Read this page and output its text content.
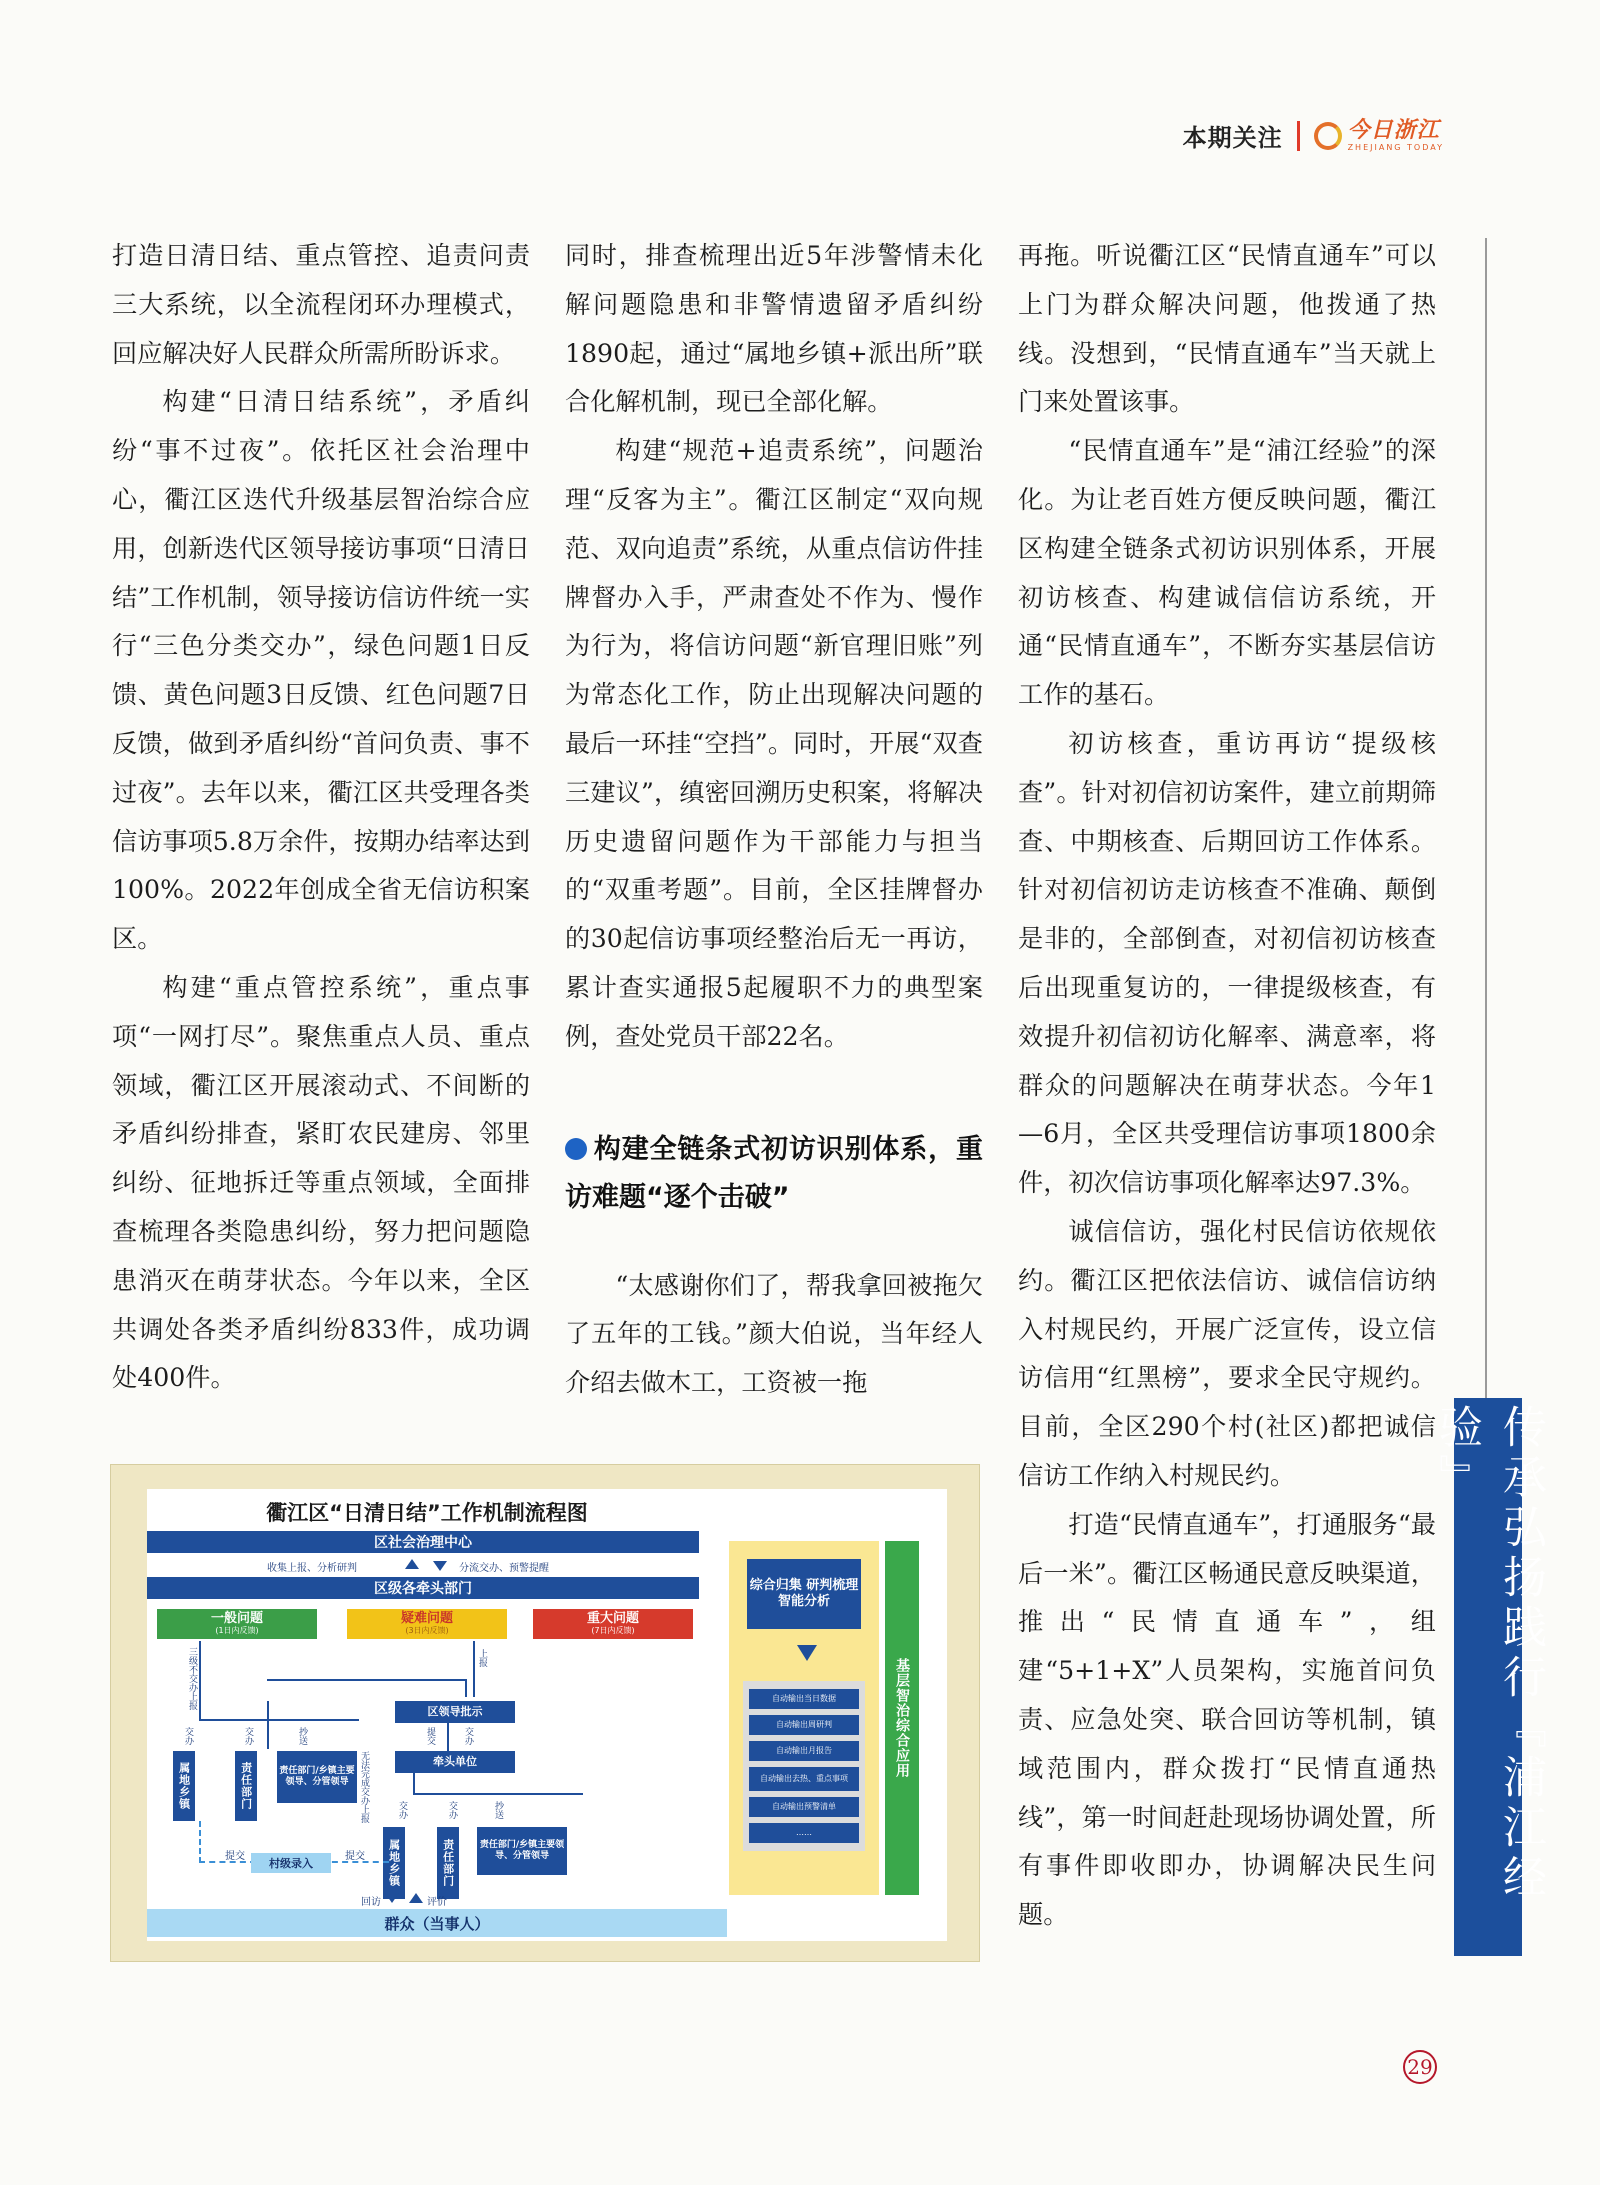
本期关注	今日浙江
ZHEJIANG TODAY

打造日清日结、重点管控、追责问责三大系统，以全流程闭环办理模式，回应解决好人民群众所需所盼诉求。

构建“日清日结系统”，矛盾纠纷“事不过夜”。依托区社会治理中心，衢江区迭代升级基层智治综合应用，创新迭代区领导接访事项“日清日结”工作机制，领导接访信访件统一实行“三色分类交办”，绿色问题1日反馈、黄色问题3日反馈、红色问题7日反馈，做到矛盾纠纷“首问负责、事不过夜”。去年以来，衢江区共受理各类信访事项5.8万余件，按期办结率达到100%。2022年创成全省无信访积案区。

构建“重点管控系统”，重点事项“一网打尽”。聚焦重点人员、重点领域，衢江区开展滚动式、不间断的矛盾纠纷排查，紧盯农民建房、邻里纠纷、征地拆迁等重点领域，全面排查梳理各类隐患纠纷，努力把问题隐患消灭在萌芽状态。今年以来，全区共调处各类矛盾纠纷833件，成功调处400件。

同时，排查梳理出近5年涉警情未化解问题隐患和非警情遗留矛盾纠纷1890起，通过“属地乡镇+派出所”联合化解机制，现已全部化解。

构建“规范+追责系统”，问题治理“反客为主”。衢江区制定“双向规范、双向追责”系统，从重点信访件挂牌督办入手，严肃查处不作为、慢作为行为，将信访问题“新官理旧账”列为常态化工作，防止出现解决问题的最后一环挂“空挡”。同时，开展“双查三建议”，缜密回溯历史积案，将解决历史遗留问题作为干部能力与担当的“双重考题”。目前，全区挂牌督办的30起信访事项经整治后无一再访，累计查实通报5起履职不力的典型案例，查处党员干部22名。

构建全链条式初访识别体系，重访难题“逐个击破”

“太感谢你们了，帮我拿回被拖欠了五年的工钱。”颜大伯说，当年经人介绍去做木工，工资被一拖

再拖。听说衢江区“民情直通车”可以上门为群众解决问题，他拨通了热线。没想到，“民情直通车”当天就上门来处置该事。

“民情直通车”是“浦江经验”的深化。为让老百姓方便反映问题，衢江区构建全链条式初访识别体系，开展初访核查、构建诚信信访系统，开通“民情直通车”，不断夯实基层信访工作的基石。

初访核查，重访再访“提级核查”。针对初信初访案件，建立前期筛查、中期核查、后期回访工作体系。针对初信初访走访核查不准确、颠倒是非的，全部倒查，对初信初访核查后出现重复访的，一律提级核查，有效提升初信初访化解率、满意率，将群众的问题解决在萌芽状态。今年1—6月，全区共受理信访事项1800余件，初次信访事项化解率达97.3%。

诚信信访，强化村民信访依规依约。衢江区把依法信访、诚信信访纳入村规民约，开展广泛宣传，设立信访信用“红黑榜”，要求全民守规约。目前，全区290个村(社区)都把诚信信访工作纳入村规民约。

打造“民情直通车”，打通服务“最后一米”。衢江区畅通民意反映渠道，推出“民情直通车”，组建“5+1+X”人员架构，实施首问负责、应急处突、联合回访等机制，镇域范围内，群众拨打“民情直通热线”，第一时间赶赴现场协调处置，所有事件即收即办，协调解决民生问题。

传承弘扬践行『浦江经验』
29
衢江区“日清日结”工作机制流程图
区社会治理中心
收集上报、分析研判	分流交办、预警提醒
区级各牵头部门
一般问题
(1日内反馈)
疑难问题
(3日内反馈)
重大问题
(7日内反馈)
三级不交办上报	上报
区领导批示
提交	交办
牵头单位
交办	交办	抄送
属地乡镇	责任部门	责任部门/乡镇主要领导、分管领导	无法完成交办上报	交办	交办	抄送
属地乡镇	责任部门	责任部门/乡镇主要领导、分管领导
提交	提交
村级录入
回访	评价
群众（当事人）
综合归集 研判梳理 智能分析
自动输出当日数据
自动输出周研判
自动输出月报告
自动输出去热、重点事项
自动输出预警清单
……
基层智治综合应用
